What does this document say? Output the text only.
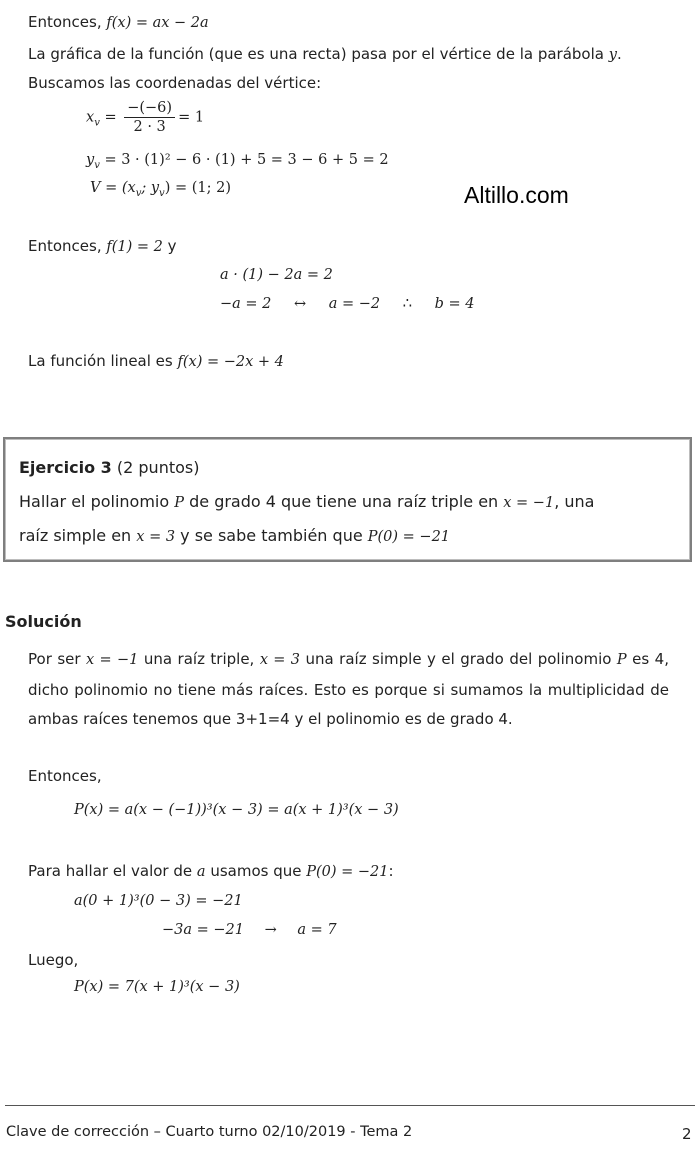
Entonces, f(x) = ax − 2a
La gráfica de la función (que es una recta) pasa por el vértice de la parábola y.
Buscamos las coordenadas del vértice:
$x_v = \frac{-(-6)}{2 \cdot 3} = 1$
$y_v = 3 \cdot (1)^2 - 6 \cdot (1) + 5 = 3 - 6 + 5 = 2$
$V = (x_v$; $y_v) = (1$; 2)	Altillo.com
Entonces, f(1) = 2 y
a · (1) − 2a = 2
−a = 2 ↔ a = −2 ∴ b = 4
La función lineal es f(x) = −2x + 4
Ejercicio 3 (2 puntos)
Hallar el polinomio P de grado 4 que tiene una raíz triple en x = −1, una
raíz simple en x = 3 y se sabe también que P(0) = −21
Solución
Por ser x = −1 una raíz triple, x = 3 una raíz simple y el grado del polinomio P es 4, dicho polinomio no tiene más raíces. Esto es porque si sumamos la multiplicidad de ambas raíces tenemos que 3+1=4 y el polinomio es de grado 4.
Entonces,
P(x) = a(x − (−1))³(x − 3) = a(x + 1)³(x − 3)
Para hallar el valor de a usamos que P(0) = −21:
a(0 + 1)³(0 − 3) = −21
−3a = −21 → a = 7
Luego,
P(x) = 7(x + 1)³(x − 3)
Clave de corrección – Cuarto turno 02/10/2019 - Tema 2	2
